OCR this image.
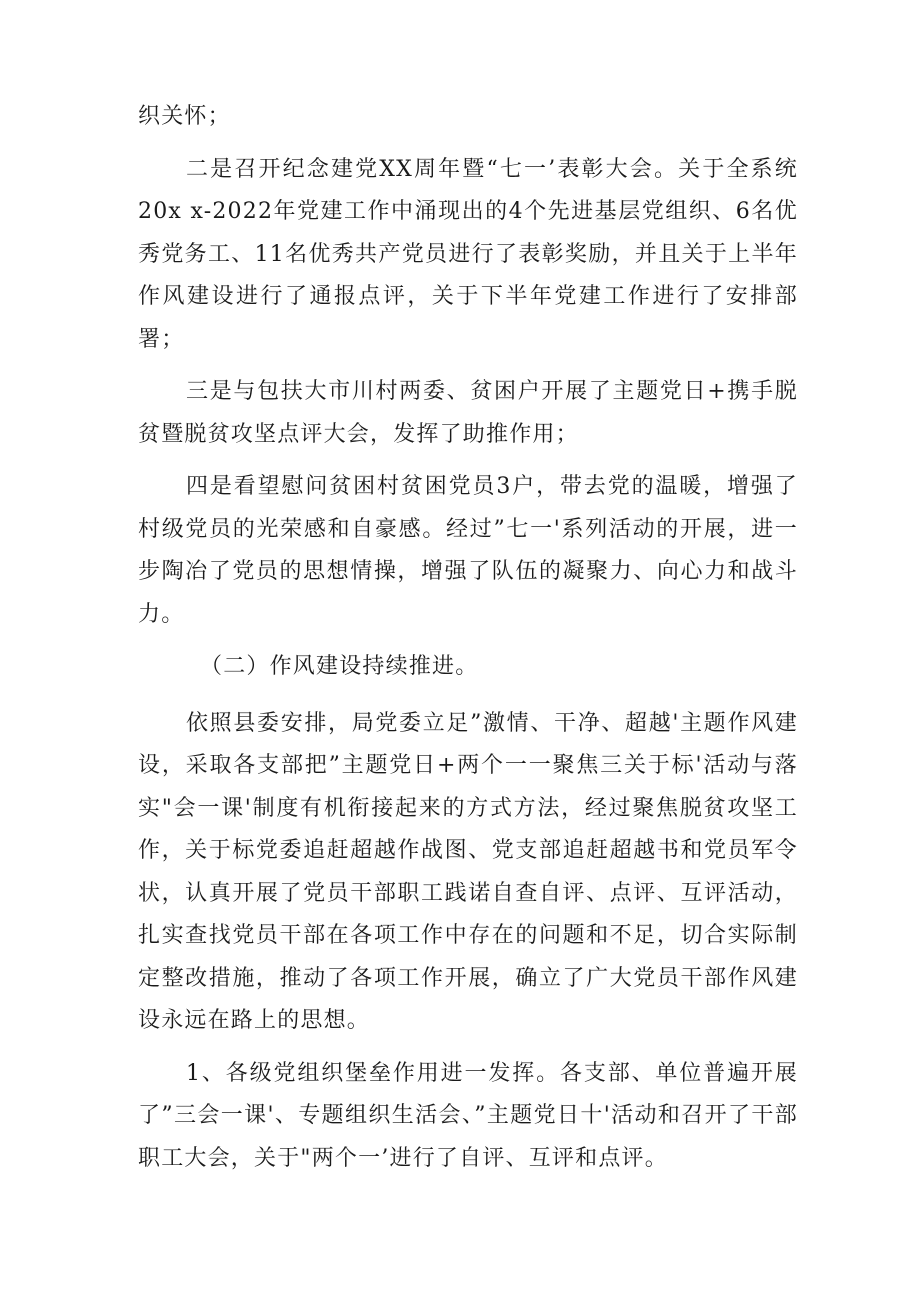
织关怀；

二是召开纪念建党XX周年暨“七一’表彰大会。关于全系统20x x-2022年党建工作中涌现出的4个先进基层党组织、6名优秀党务工、11名优秀共产党员进行了表彰奖励，并且关于上半年作风建设进行了通报点评，关于下半年党建工作进行了安排部署；

三是与包扶大市川村两委、贫困户开展了主题党日+携手脱贫暨脱贫攻坚点评大会，发挥了助推作用；

四是看望慰问贫困村贫困党员3户，带去党的温暖，增强了村级党员的光荣感和自豪感。经过”七一'系列活动的开展，进一步陶冶了党员的思想情操，增强了队伍的凝聚力、向心力和战斗力。

（二）作风建设持续推进。

依照县委安排，局党委立足”激情、干净、超越'主题作风建设，采取各支部把”主题党日+两个一一聚焦三关于标'活动与落实"会一课'制度有机衔接起来的方式方法，经过聚焦脱贫攻坚工作，关于标党委追赶超越作战图、党支部追赶超越书和党员军令状，认真开展了党员干部职工践诺自查自评、点评、互评活动，扎实查找党员干部在各项工作中存在的问题和不足，切合实际制定整改措施，推动了各项工作开展，确立了广大党员干部作风建设永远在路上的思想。

1、各级党组织堡垒作用进一发挥。各支部、单位普遍开展了”三会一课'、专题组织生活会、”主题党日十'活动和召开了干部职工大会，关于"两个一’进行了自评、互评和点评。
